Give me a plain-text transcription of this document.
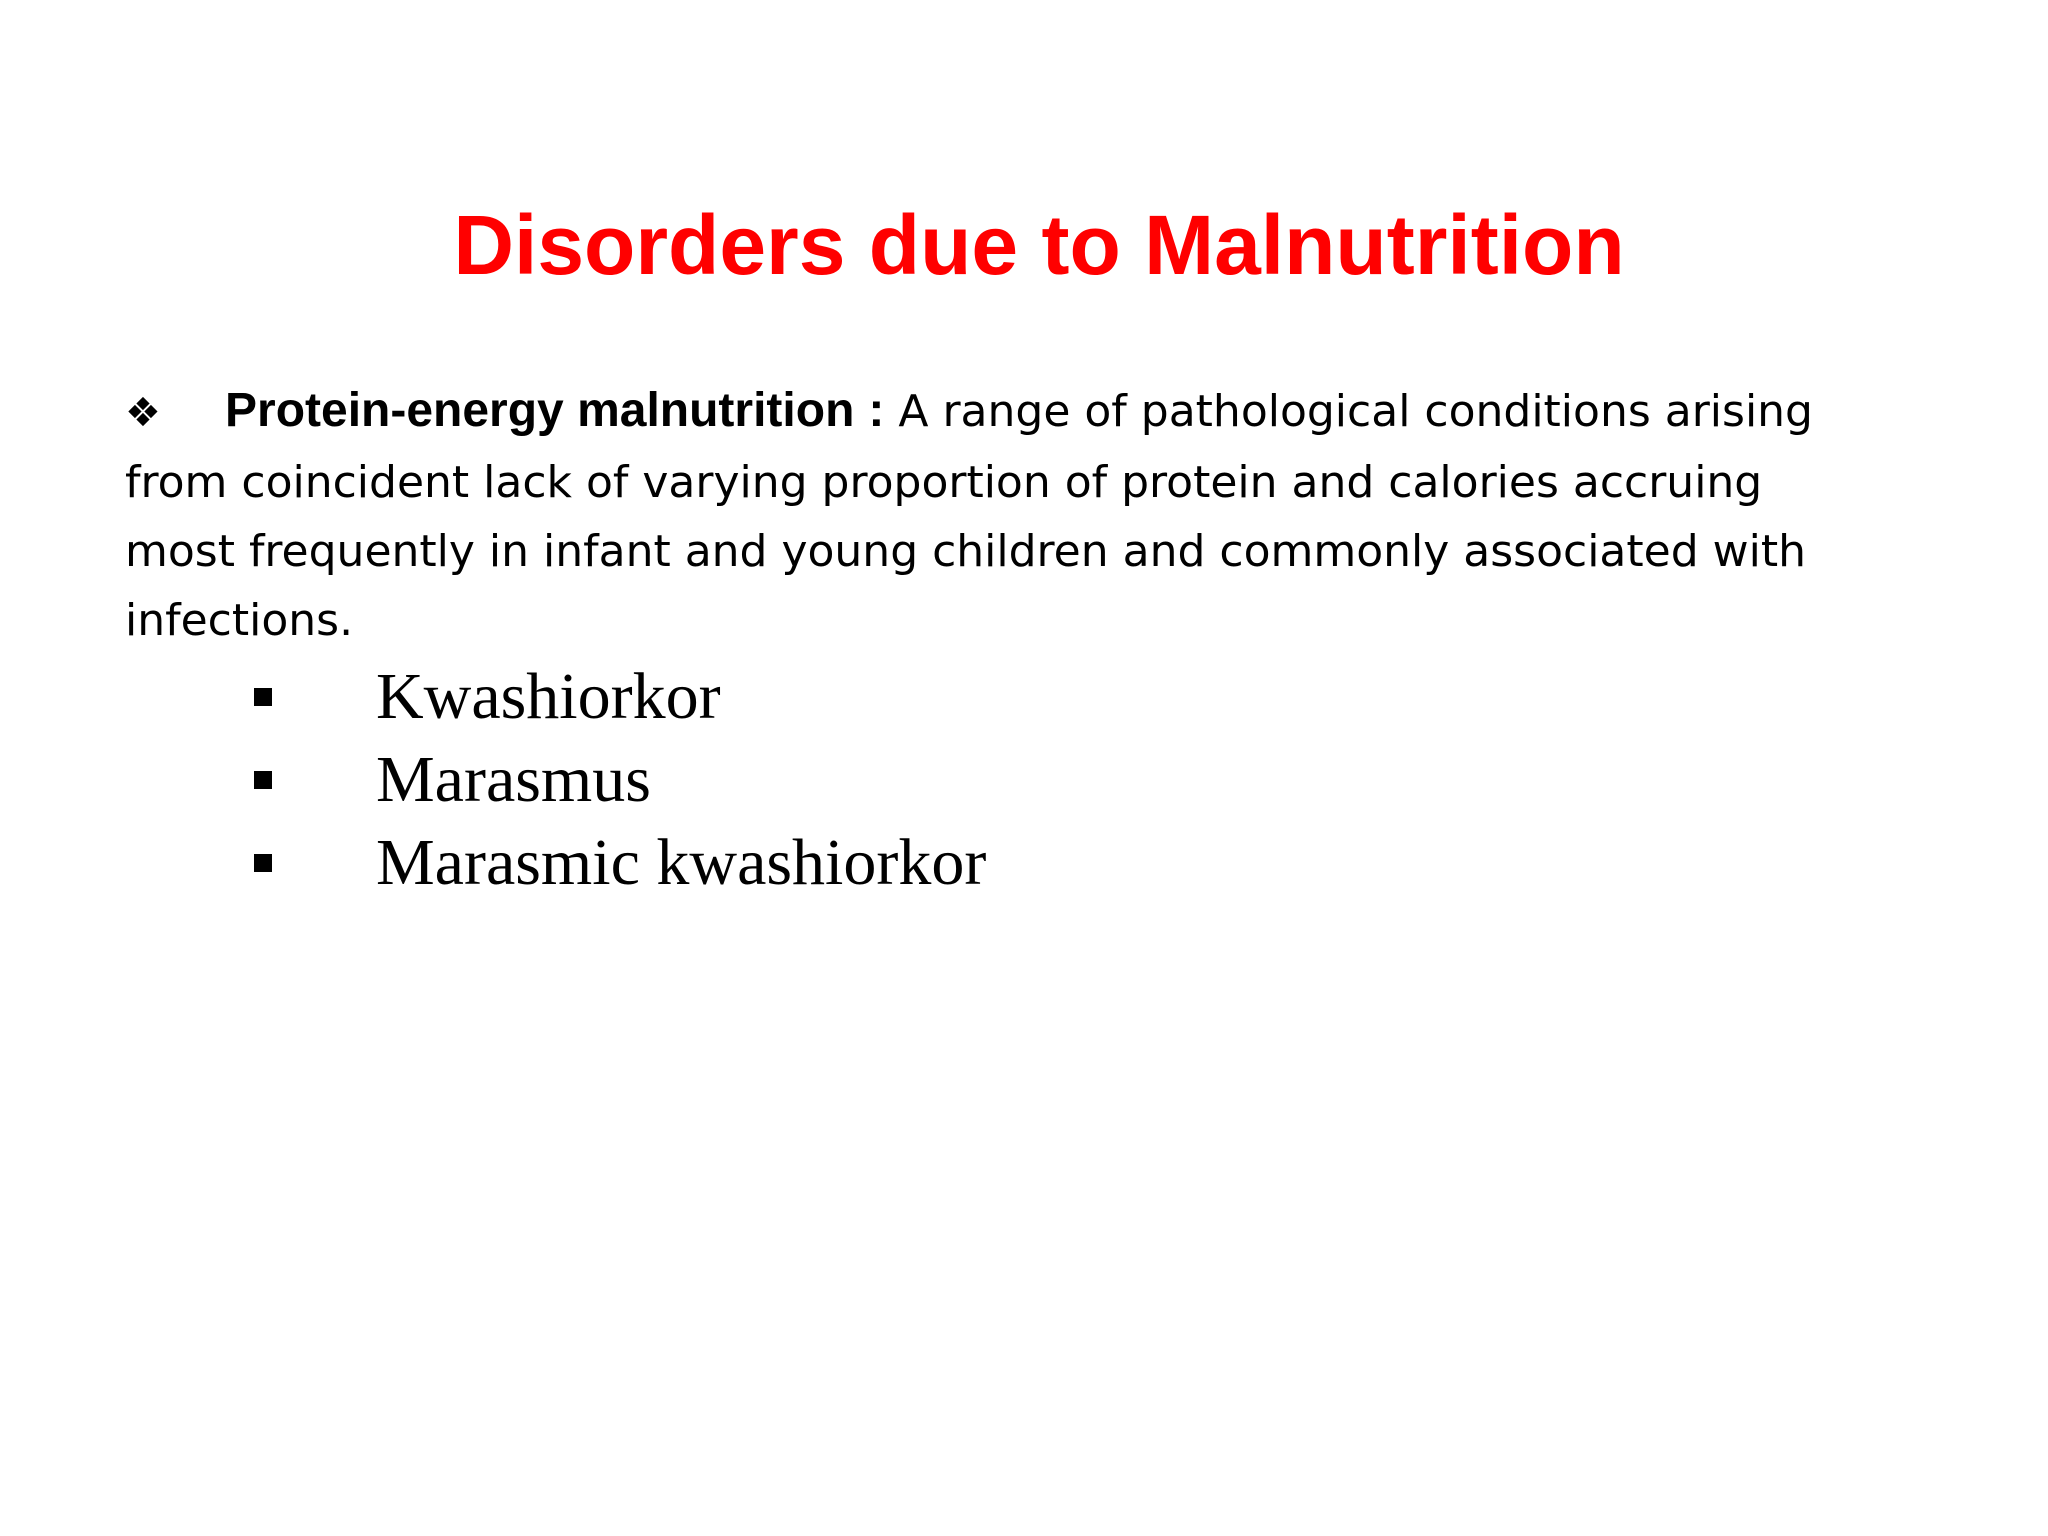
Disorders due to Malnutrition

❖ Protein-energy malnutrition : A range of pathological conditions arising from coincident lack of varying proportion of protein and calories accruing most frequently in infant and young children and commonly associated with infections.

Kwashiorkor
Marasmus
Marasmic kwashiorkor
